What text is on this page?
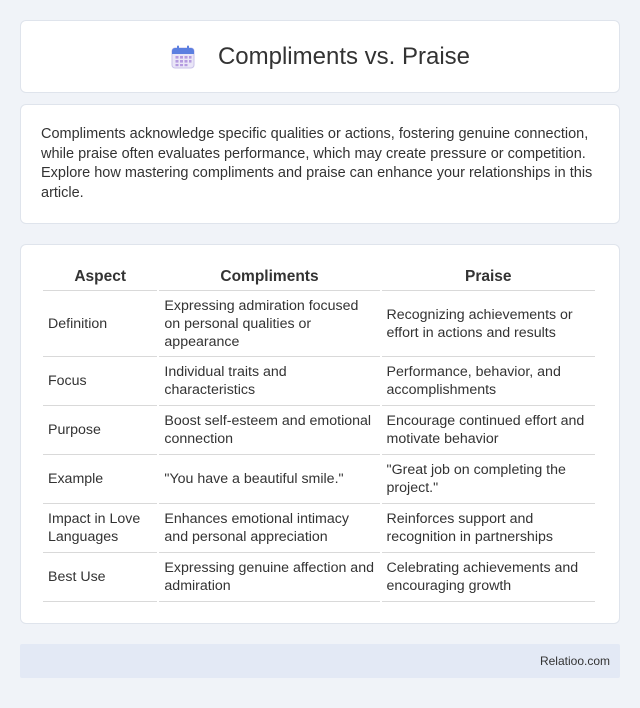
Compliments vs. Praise

Compliments acknowledge specific qualities or actions, fostering genuine connection, while praise often evaluates performance, which may create pressure or competition. Explore how mastering compliments and praise can enhance your relationships in this article.

Aspect	Compliments	Praise
Definition	Expressing admiration focused on personal qualities or appearance	Recognizing achievements or effort in actions and results
Focus	Individual traits and characteristics	Performance, behavior, and accomplishments
Purpose	Boost self-esteem and emotional connection	Encourage continued effort and motivate behavior
Example	"You have a beautiful smile."	"Great job on completing the project."
Impact in Love Languages	Enhances emotional intimacy and personal appreciation	Reinforces support and recognition in partnerships
Best Use	Expressing genuine affection and admiration	Celebrating achievements and encouraging growth
Relatioo.com
